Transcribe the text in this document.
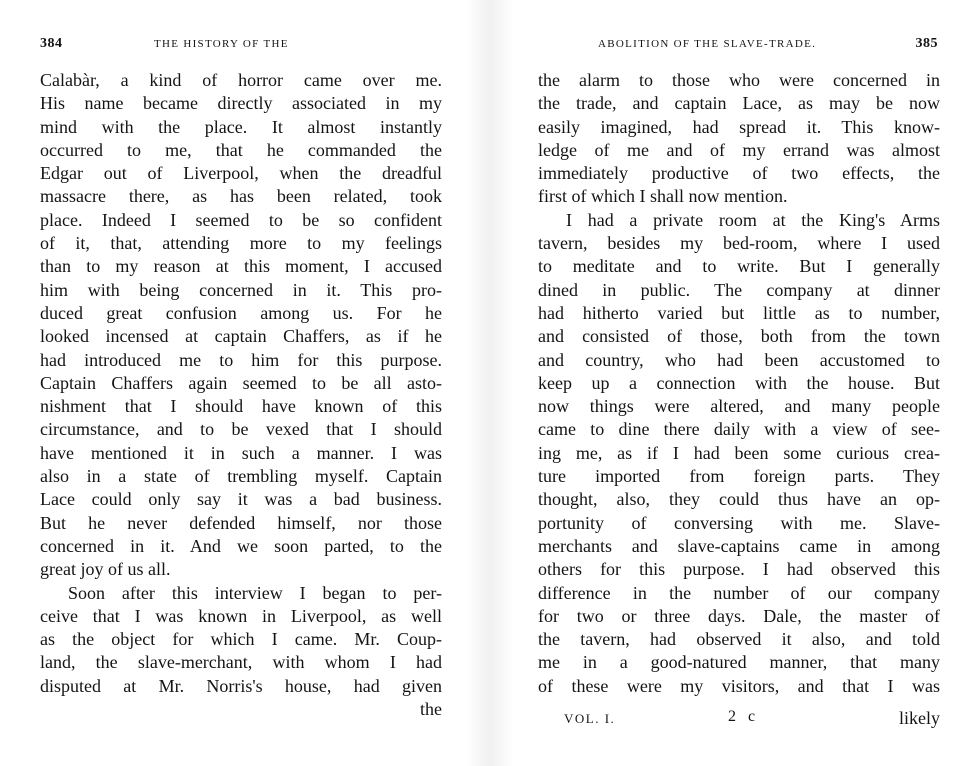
384	THE HISTORY OF THE
Calabàr, a kind of horror came over me.
His name became directly associated in my
mind with the place. It almost instantly
occurred to me, that he commanded the
Edgar out of Liverpool, when the dreadful
massacre there, as has been related, took
place. Indeed I seemed to be so confident
of it, that, attending more to my feelings
than to my reason at this moment, I accused
him with being concerned in it. This pro-
duced great confusion among us. For he
looked incensed at captain Chaffers, as if he
had introduced me to him for this purpose.
Captain Chaffers again seemed to be all asto-
nishment that I should have known of this
circumstance, and to be vexed that I should
have mentioned it in such a manner. I was
also in a state of trembling myself. Captain
Lace could only say it was a bad business.
But he never defended himself, nor those
concerned in it. And we soon parted, to the
great joy of us all.
Soon after this interview I began to per-
ceive that I was known in Liverpool, as well
as the object for which I came. Mr. Coup-
land, the slave-merchant, with whom I had
disputed at Mr. Norris's house, had given
the
ABOLITION OF THE SLAVE-TRADE.	385
the alarm to those who were concerned in
the trade, and captain Lace, as may be now
easily imagined, had spread it. This know-
ledge of me and of my errand was almost
immediately productive of two effects, the
first of which I shall now mention.
I had a private room at the King's Arms
tavern, besides my bed-room, where I used
to meditate and to write. But I generally
dined in public. The company at dinner
had hitherto varied but little as to number,
and consisted of those, both from the town
and country, who had been accustomed to
keep up a connection with the house. But
now things were altered, and many people
came to dine there daily with a view of see-
ing me, as if I had been some curious crea-
ture imported from foreign parts. They
thought, also, they could thus have an op-
portunity of conversing with me. Slave-
merchants and slave-captains came in among
others for this purpose. I had observed this
difference in the number of our company
for two or three days. Dale, the master of
the tavern, had observed it also, and told
me in a good-natured manner, that many
of these were my visitors, and that I was
VOL. I.	2 c	likely
